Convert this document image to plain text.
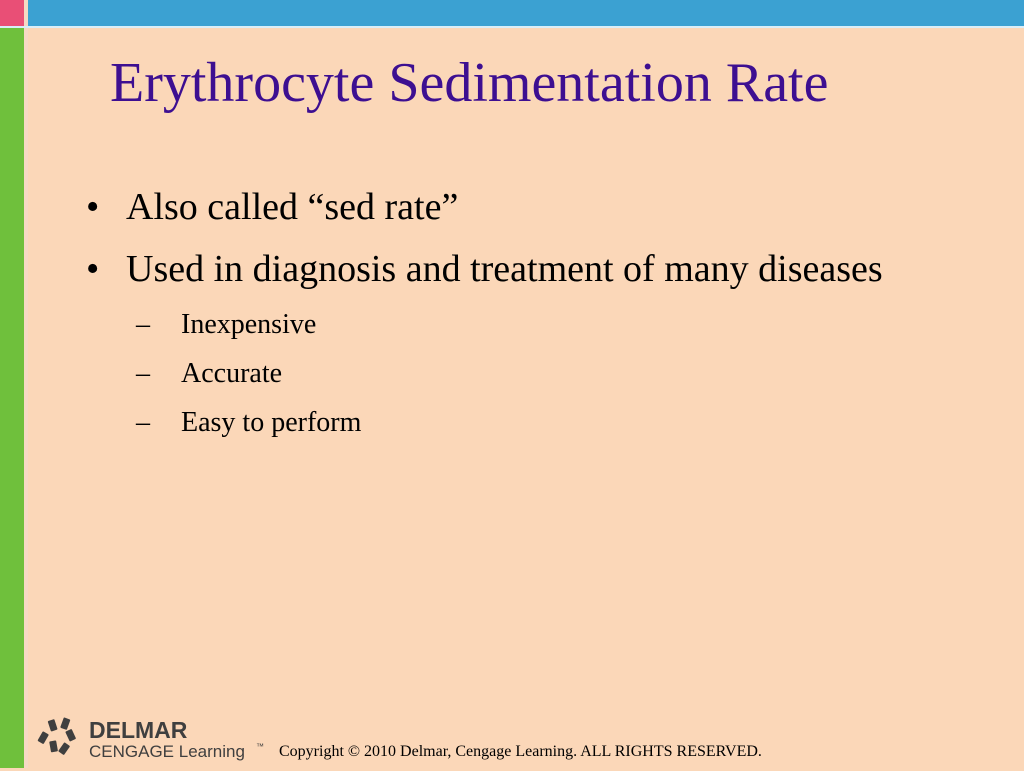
Erythrocyte Sedimentation Rate
• Also called “sed rate”
• Used in diagnosis and treatment of many diseases
– Inexpensive
– Accurate
– Easy to perform
DELMAR
CENGAGE Learning ™ Copyright © 2010 Delmar, Cengage Learning. ALL RIGHTS RESERVED.
